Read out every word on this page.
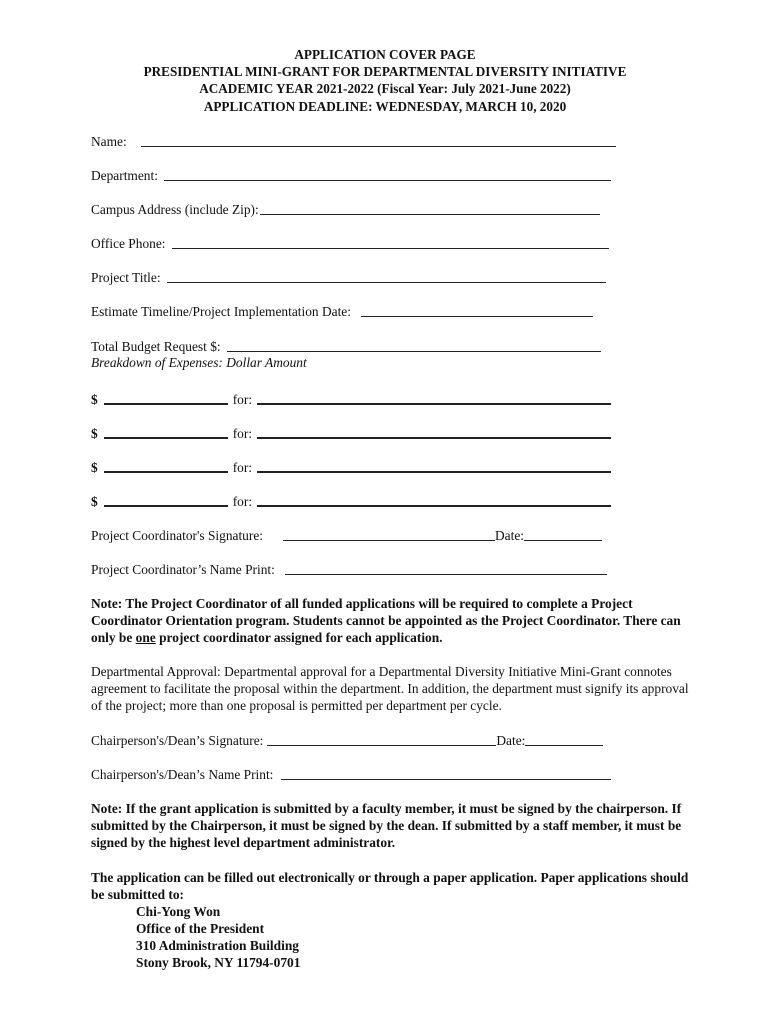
APPLICATION COVER PAGE
PRESIDENTIAL MINI-GRANT FOR DEPARTMENTAL DIVERSITY INITIATIVE
ACADEMIC YEAR 2021-2022 (Fiscal Year: July 2021-June 2022)
APPLICATION DEADLINE: WEDNESDAY, MARCH 10, 2020
Name:
Department:
Campus Address (include Zip):
Office Phone:
Project Title:
Estimate Timeline/Project Implementation Date:
Total Budget Request $:
Breakdown of Expenses: Dollar Amount
$	for:
$	for:
$	for:
$	for:
Project Coordinator's Signature:	Date:
Project Coordinator’s Name Print:
Note: The Project Coordinator of all funded applications will be required to complete a Project Coordinator Orientation program. Students cannot be appointed as the Project Coordinator. There can only be one project coordinator assigned for each application.
Departmental Approval: Departmental approval for a Departmental Diversity Initiative Mini-Grant connotes agreement to facilitate the proposal within the department. In addition, the department must signify its approval of the project; more than one proposal is permitted per department per cycle.
Chairperson's/Dean’s Signature:	Date:
Chairperson's/Dean’s Name Print:
Note: If the grant application is submitted by a faculty member, it must be signed by the chairperson. If submitted by the Chairperson, it must be signed by the dean. If submitted by a staff member, it must be signed by the highest level department administrator.
The application can be filled out electronically or through a paper application. Paper applications should be submitted to:
Chi-Yong Won
Office of the President
310 Administration Building
Stony Brook, NY 11794-0701
